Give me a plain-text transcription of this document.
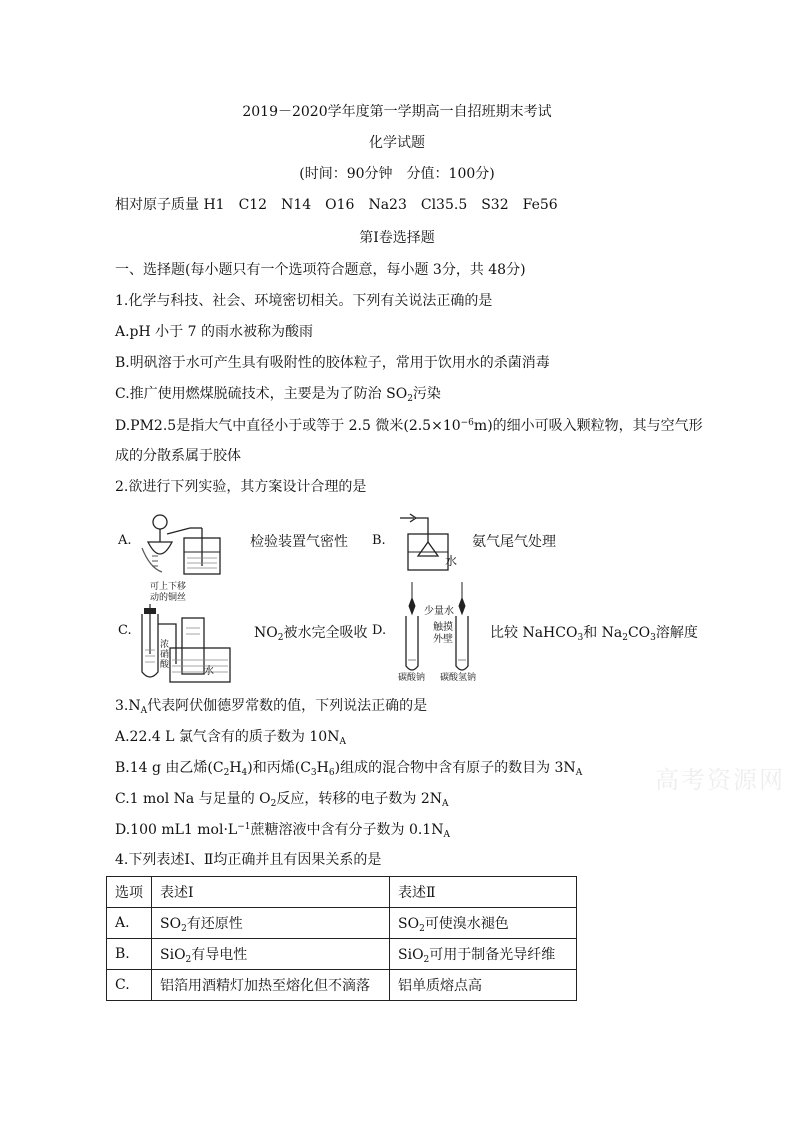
2019－2020学年度第一学期高一自招班期末考试
化学试题
(时间：90分钟　分值：100分)
相对原子质量 H1　C12　N14　O16　Na23　Cl35.5　S32　Fe56
第Ⅰ卷选择题
一、选择题(每小题只有一个选项符合题意，每小题 3分，共 48分)
1.化学与科技、社会、环境密切相关。下列有关说法正确的是
A.pH 小于 7 的雨水被称为酸雨
B.明矾溶于水可产生具有吸附性的胶体粒子，常用于饮用水的杀菌消毒
C.推广使用燃煤脱硫技术，主要是为了防治 $SO_2$污染
D.PM2.5是指大气中直径小于或等于 2.5 微米$(2.5\times 10^{-6}m)$的细小可吸入颗粒物，其与空气形
成的分散系属于胶体
2.欲进行下列实验，其方案设计合理的是
A.	检验装置气密性 B.
水
氨气尾气处理
C.
可上下移
动的铜丝
浓硝酸
水
$NO_2$被水完全吸收 D.
少量水
触摸外壁
碳酸钠 碳酸氢钠
比较 NaHCO$_3$和 $Na_2CO_3$溶解度
$3.N_A$代表阿伏伽德罗常数的值，下列说法正确的是
A.22.4 L 氯气含有的质子数为 $10N_A$
B.14 g 由乙烯$(C_2H_4)$和丙烯$(C_3H_6)$组成的混合物中含有原子的数目为 $3N_A$
C.1 mol Na 与足量的 $O_2$反应，转移的电子数为 $2N_A$
D.100 mL1 $mol\cdot L^{-1}$蔗糖溶液中含有分子数为 $0.1N_A$
高考资源网
4.下列表述Ⅰ、Ⅱ均正确并且有因果关系的是
选项	表述Ⅰ	表述Ⅱ
A.	$SO_2$有还原性	$SO_2$可使溴水褪色
B.	SiO$_2$有导电性	SiO$_2$可用于制备光导纤维
C.	铝箔用酒精灯加热至熔化但不滴落	铝单质熔点高
